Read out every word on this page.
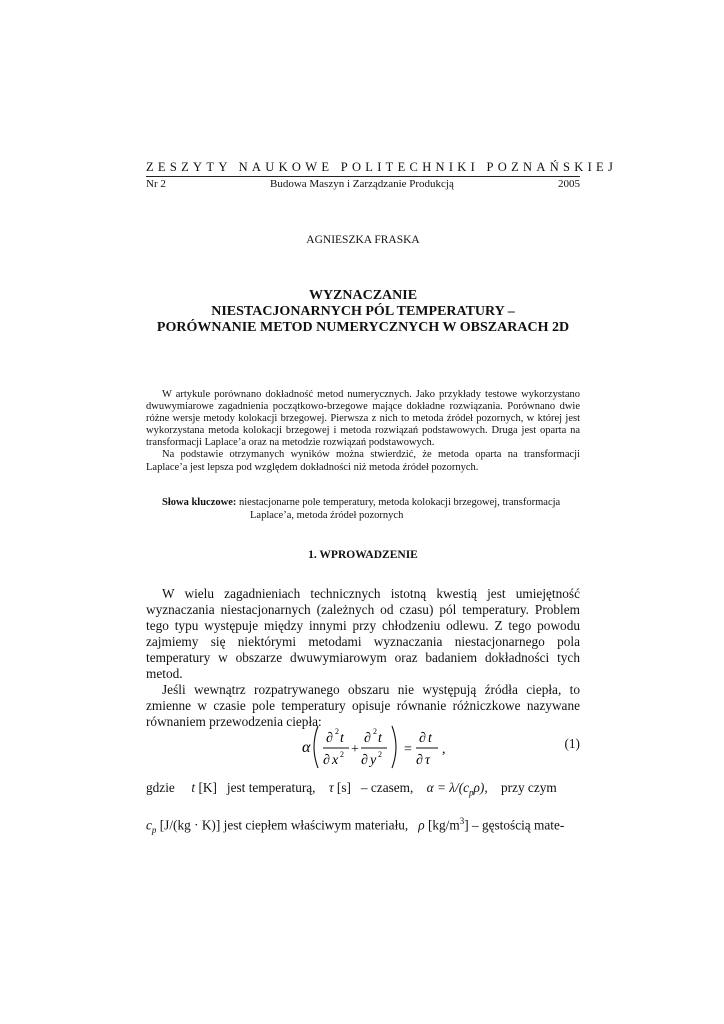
ZESZYTY NAUKOWE POLITECHNIKI POZNAŃSKIEJ
Nr 2	Budowa Maszyn i Zarządzanie Produkcją	2005
AGNIESZKA FRASKA
WYZNACZANIE
NIESTACJONARNYCH PÓL TEMPERATURY –
PORÓWNANIE METOD NUMERYCZNYCH W OBSZARACH 2D

W artykule porównano dokładność metod numerycznych. Jako przykłady testowe wykorzystano dwuwymiarowe zagadnienia początkowo-brzegowe mające dokładne rozwiązania. Porównano dwie różne wersje metody kolokacji brzegowej. Pierwsza z nich to metoda źródeł pozornych, w której jest wykorzystana metoda kolokacji brzegowej i metoda rozwiązań podstawowych. Druga jest oparta na transformacji Laplace’a oraz na metodzie rozwiązań podstawowych.

Na podstawie otrzymanych wyników można stwierdzić, że metoda oparta na transformacji Laplace’a jest lepsza pod względem dokładności niż metoda źródeł pozornych.

Słowa kluczowe: niestacjonarne pole temperatury, metoda kolokacji brzegowej, transformacja
Laplace’a, metoda źródeł pozornych
1. WPROWADZENIE

W wielu zagadnieniach technicznych istotną kwestią jest umiejętność wyznaczania niestacjonarnych (zależnych od czasu) pól temperatury. Problem tego typu występuje między innymi przy chłodzeniu odlewu. Z tego powodu zajmiemy się niektórymi metodami wyznaczania niestacjonarnego pola temperatury w obszarze dwuwymiarowym oraz badaniem dokładności tych metod.

Jeśli wewnątrz rozpatrywanego obszaru nie występują źródła ciepła, to zmienne w czasie pole temperatury opisuje równanie różniczkowe nazywane równaniem przewodzenia ciepła:

α
∂ 2 t
∂ x 2 +
∂ 2 t
∂ y 2 =
∂ t
∂ τ
,	(1)
gdzie t [K] jest temperaturą, τ [s] – czasem, $\alpha = \lambda/(c_p\rho)$, przy czym
$c_p$ [J/(kg · K)] jest ciepłem właściwym materiału, ρ $[kg/m^3]$ – gęstością mate-
